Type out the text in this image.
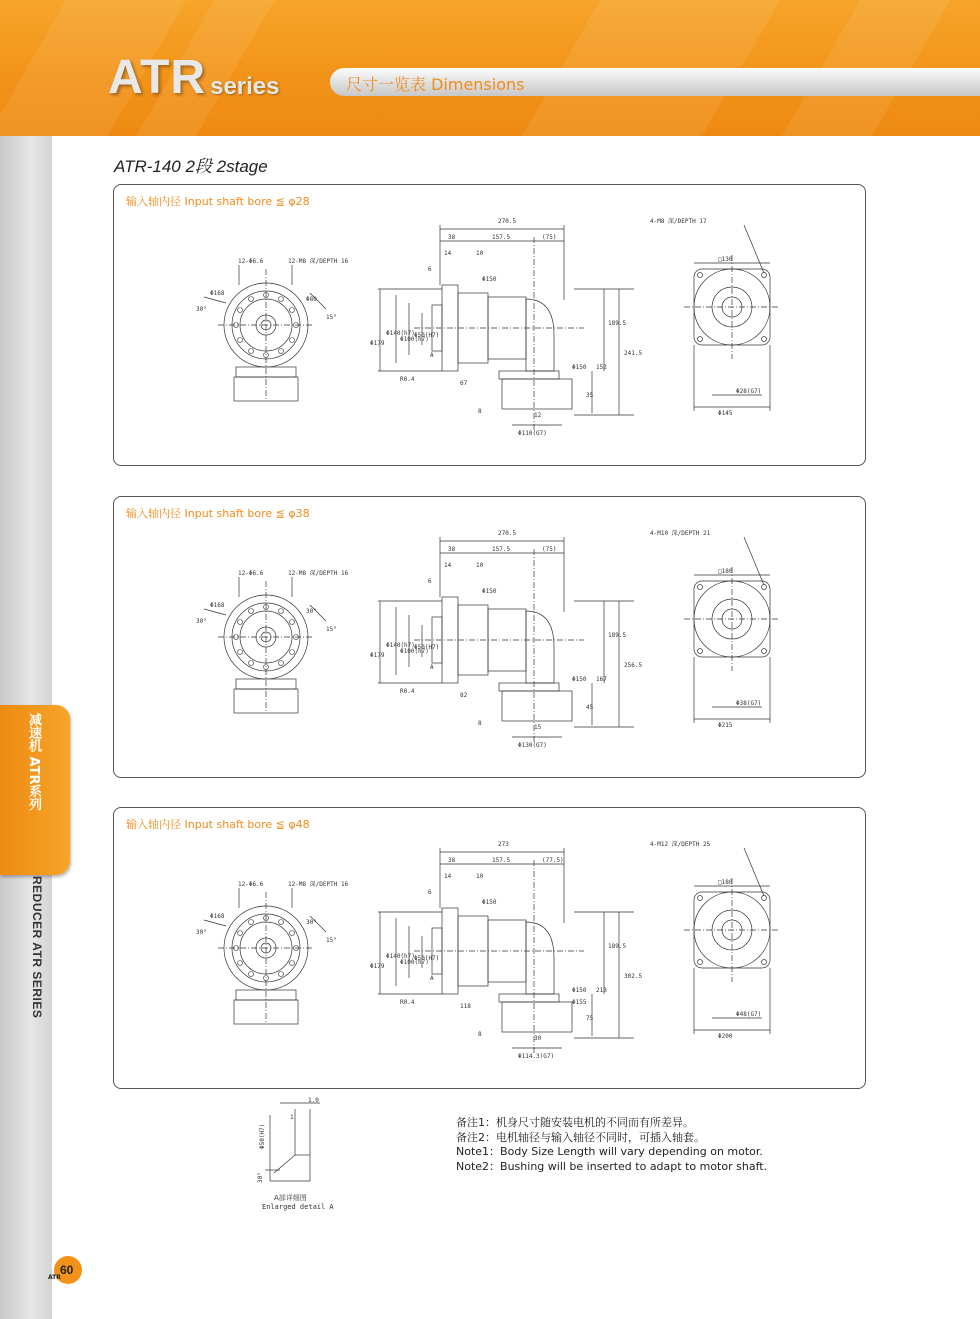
ATR series	尺寸一览表 Dimensions
减速机 ATR系列
REDUCER ATR SERIES
ATR-140 2段 2stage
输入轴内径 Input shaft bore ≦ φ28
12-Φ6.6	12-M8 深/DEPTH 16
30°
Φ168
Φ80
15°
270.5
38	157.5	(75)
14	10
6
Φ150
Φ179
Φ140(h7)
Φ100(h7)
Φ50(H7)
R0.4
A
67
8
12
189.5
241.5
152
35
Φ150
Φ110(G7)
4-M8 深/DEPTH 17
□130
Φ28(G7)
Φ145
输入轴内径 Input shaft bore ≦ φ38
12-Φ6.6	12-M8 深/DEPTH 16
30°
Φ168
30°
15°
270.5
38	157.5	(75)
14	10
6
Φ150
Φ179
Φ140(h7)
Φ100(h7)
Φ50(H7)
R0.4
A
82
8
15
189.5
256.5
167
45
Φ150
Φ130(G7)
4-M10 深/DEPTH 21
□180
Φ38(G7)
Φ215
输入轴内径 Input shaft bore ≦ φ48
12-Φ6.6	12-M8 深/DEPTH 16
30°
Φ168
30°
15°
273
38	157.5	(77.5)
14	10
6
Φ150
Φ179
Φ140(h7)
Φ100(h7)
Φ50(H7)
R0.4
A
118
8
30
189.5
302.5
213
75
Φ150
Φ155
Φ114.3(G7)
4-M12 深/DEPTH 25
□180
Φ48(G7)
Φ200
1.0
1
Φ50(H7)
30°
A部详细图
Enlarged detail A
备注1：机身尺寸随安装电机的不同而有所差异。
备注2：电机轴径与输入轴径不同时，可插入轴套。
Note1：Body Size Length will vary depending on motor.
Note2：Bushing will be inserted to adapt to motor shaft.
60
ATR
